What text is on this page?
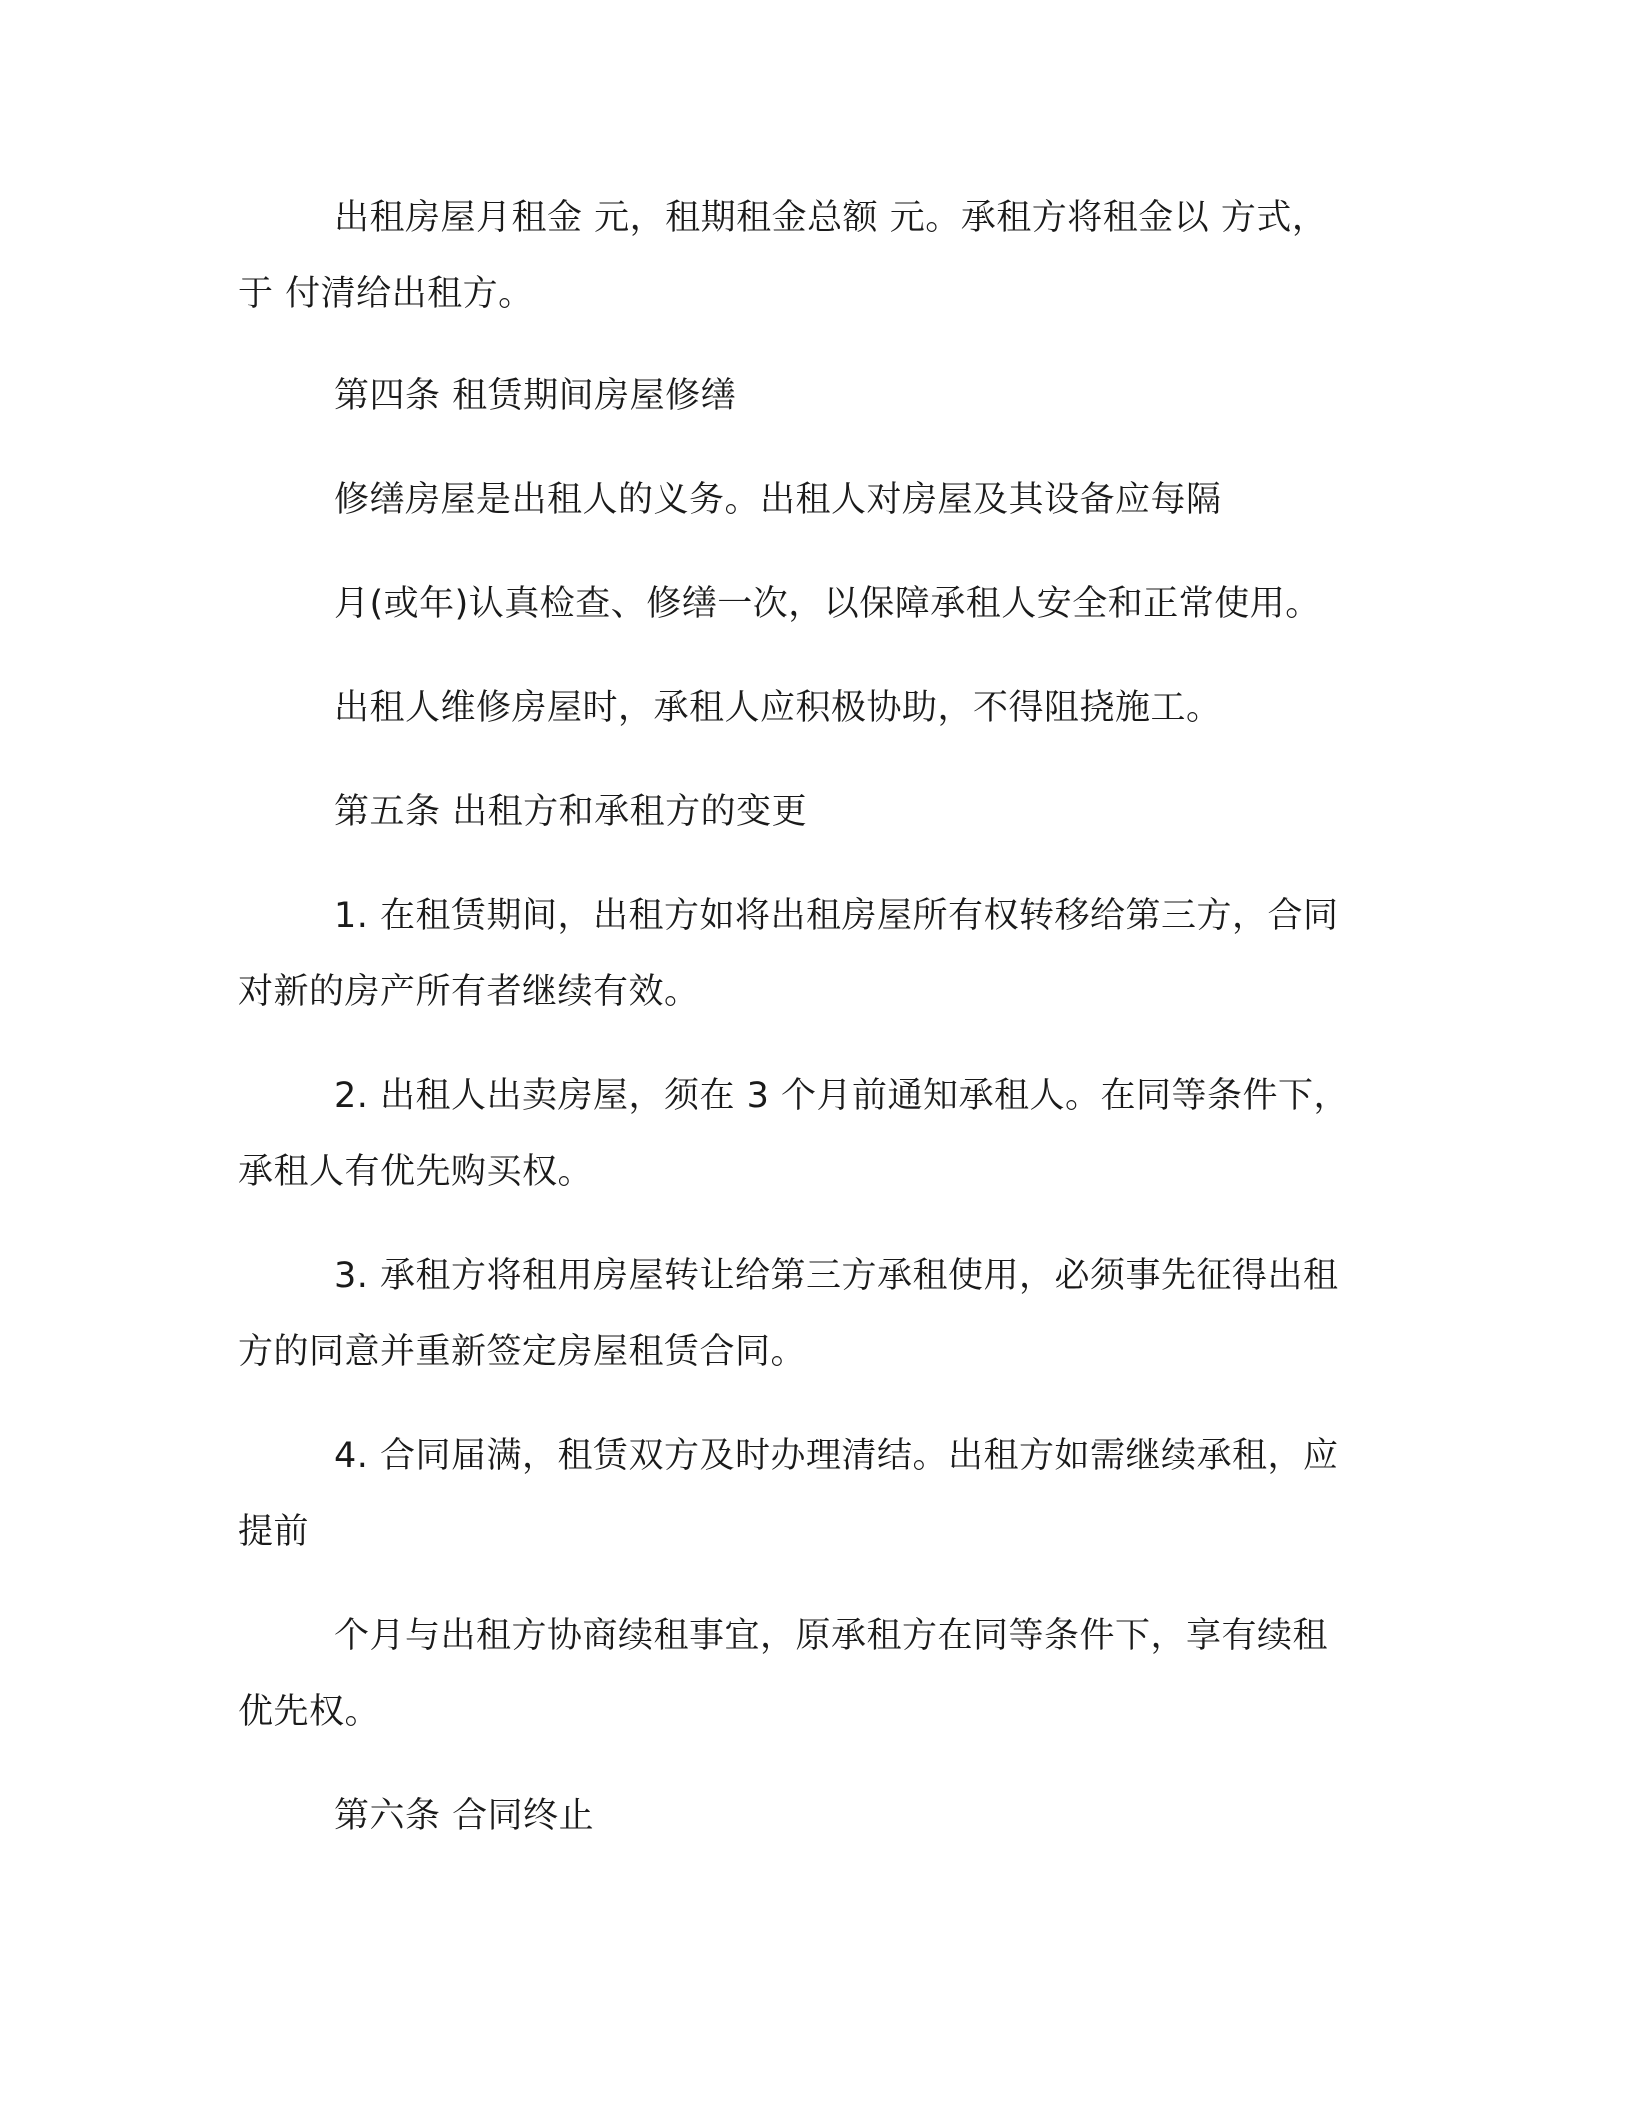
出租房屋月租金 元，租期租金总额 元。承租方将租金以 方式，

于 付清给出租方。

第四条 租赁期间房屋修缮

修缮房屋是出租人的义务。出租人对房屋及其设备应每隔

月(或年)认真检查、修缮一次，以保障承租人安全和正常使用。

出租人维修房屋时，承租人应积极协助，不得阻挠施工。

第五条 出租方和承租方的变更

1. 在租赁期间，出租方如将出租房屋所有权转移给第三方，合同

对新的房产所有者继续有效。

2. 出租人出卖房屋，须在 3 个月前通知承租人。在同等条件下，

承租人有优先购买权。

3. 承租方将租用房屋转让给第三方承租使用，必须事先征得出租

方的同意并重新签定房屋租赁合同。

4. 合同届满，租赁双方及时办理清结。出租方如需继续承租，应

提前

个月与出租方协商续租事宜，原承租方在同等条件下，享有续租

优先权。

第六条 合同终止
